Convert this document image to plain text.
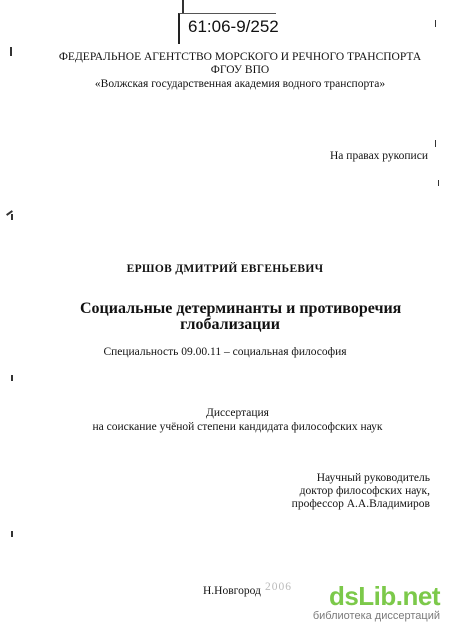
61:06-9/252
ФЕДЕРАЛЬНОЕ АГЕНТСТВО МОРСКОГО И РЕЧНОГО ТРАНСПОРТА
ФГОУ ВПО
«Волжская государственная академия водного транспорта»
На правах рукописи
ЕРШОВ ДМИТРИЙ ЕВГЕНЬЕВИЧ
Социальные детерминанты и противоречия
глобализации
Специальность 09.00.11 – социальная философия
Диссертация
на соискание учёной степени кандидата философских наук
Научный руководитель
доктор философских наук,
профессор А.А.Владимиров
Н.Новгород 2006	dsLib.net
библиотека диссертаций
